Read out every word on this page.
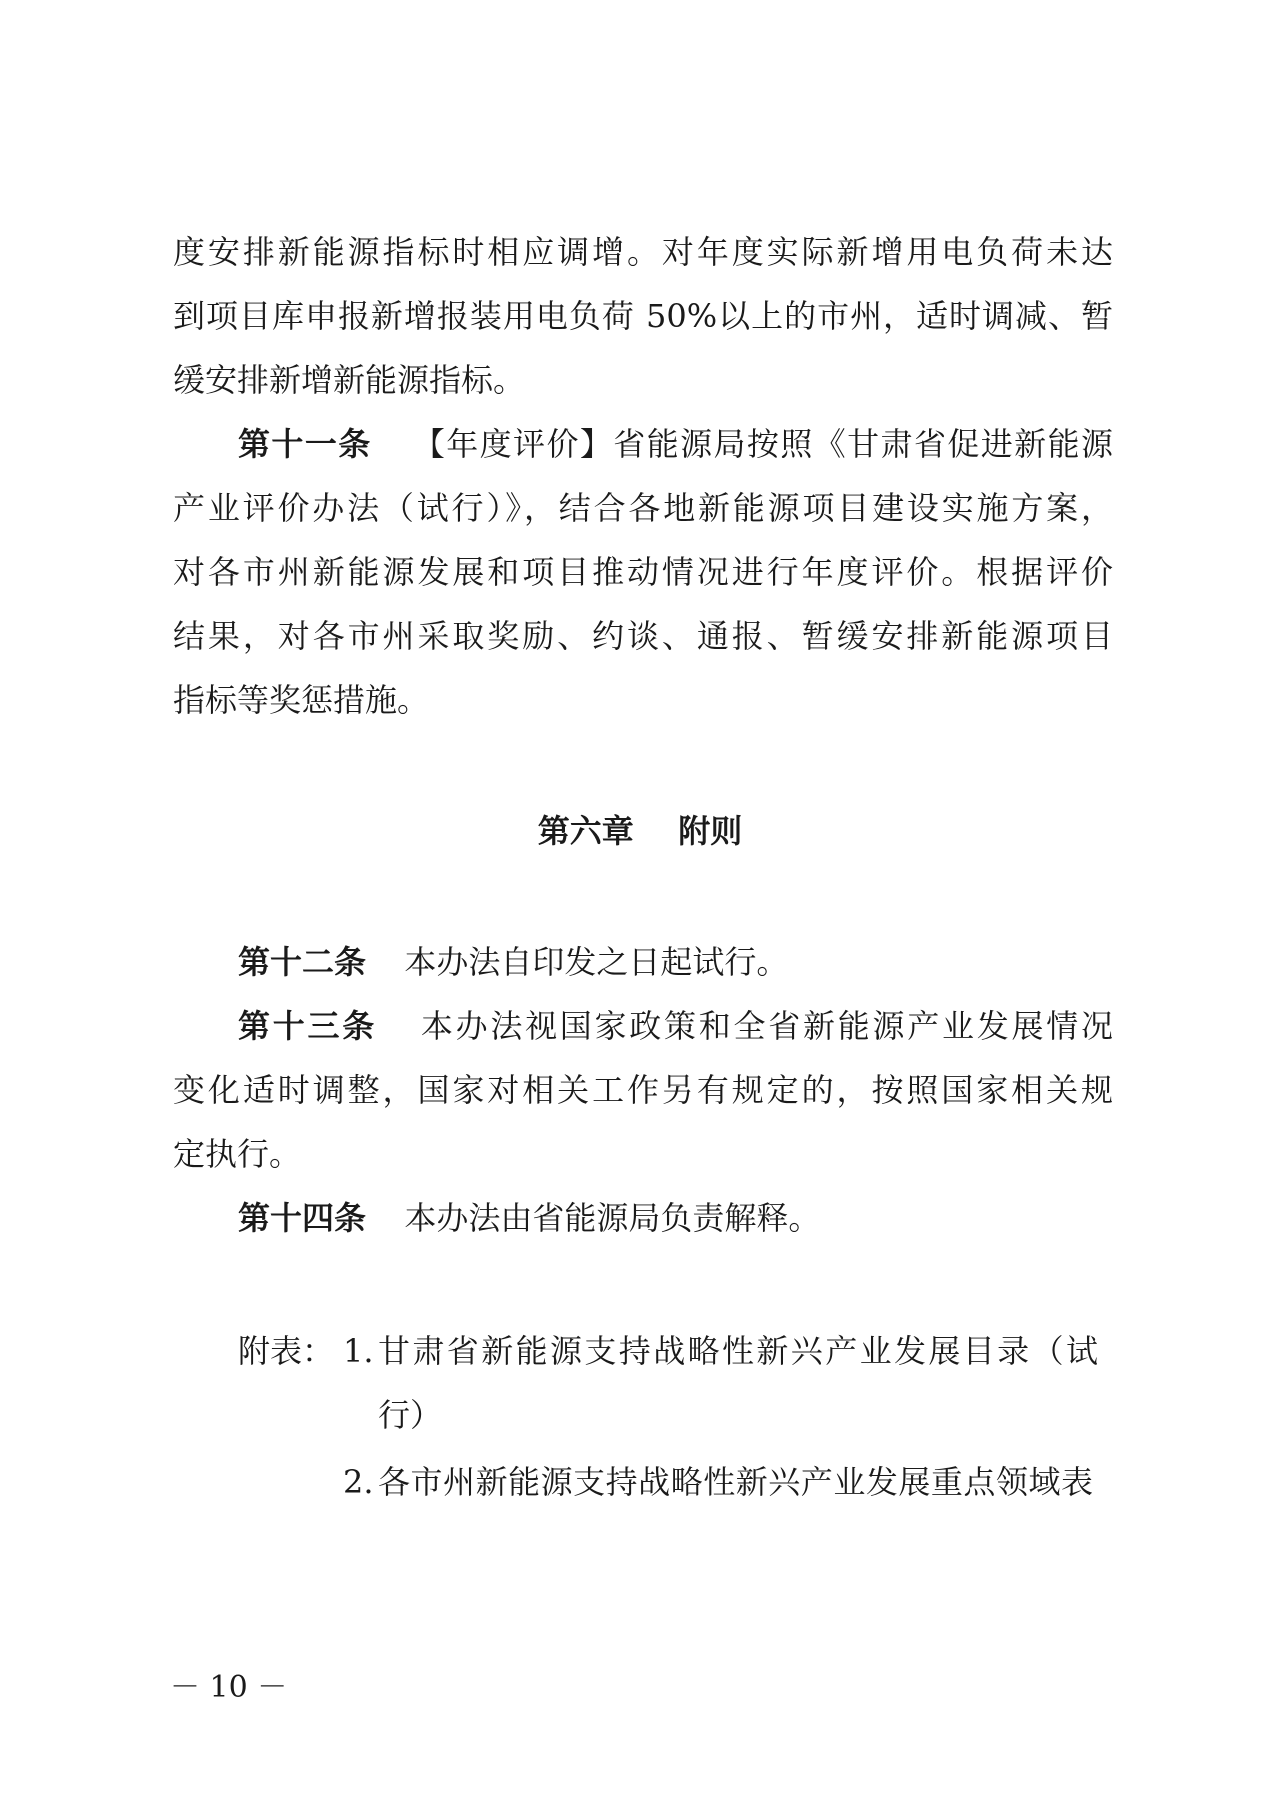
度安排新能源指标时相应调增。对年度实际新增用电负荷未达
到项目库申报新增报装用电负荷 50%以上的市州，适时调减、暂
缓安排新增新能源指标。
第十一条 【年度评价】省能源局按照《甘肃省促进新能源
产业评价办法（试行）》，结合各地新能源项目建设实施方案，
对各市州新能源发展和项目推动情况进行年度评价。根据评价
结果，对各市州采取奖励、约谈、通报、暂缓安排新能源项目
指标等奖惩措施。
第六章    附则
第十二条 本办法自印发之日起试行。
第十三条 本办法视国家政策和全省新能源产业发展情况
变化适时调整，国家对相关工作另有规定的，按照国家相关规
定执行。
第十四条 本办法由省能源局负责解释。
附表： 1. 甘肃省新能源支持战略性新兴产业发展目录（试
行）
2. 各市州新能源支持战略性新兴产业发展重点领域表
－ 10 －
